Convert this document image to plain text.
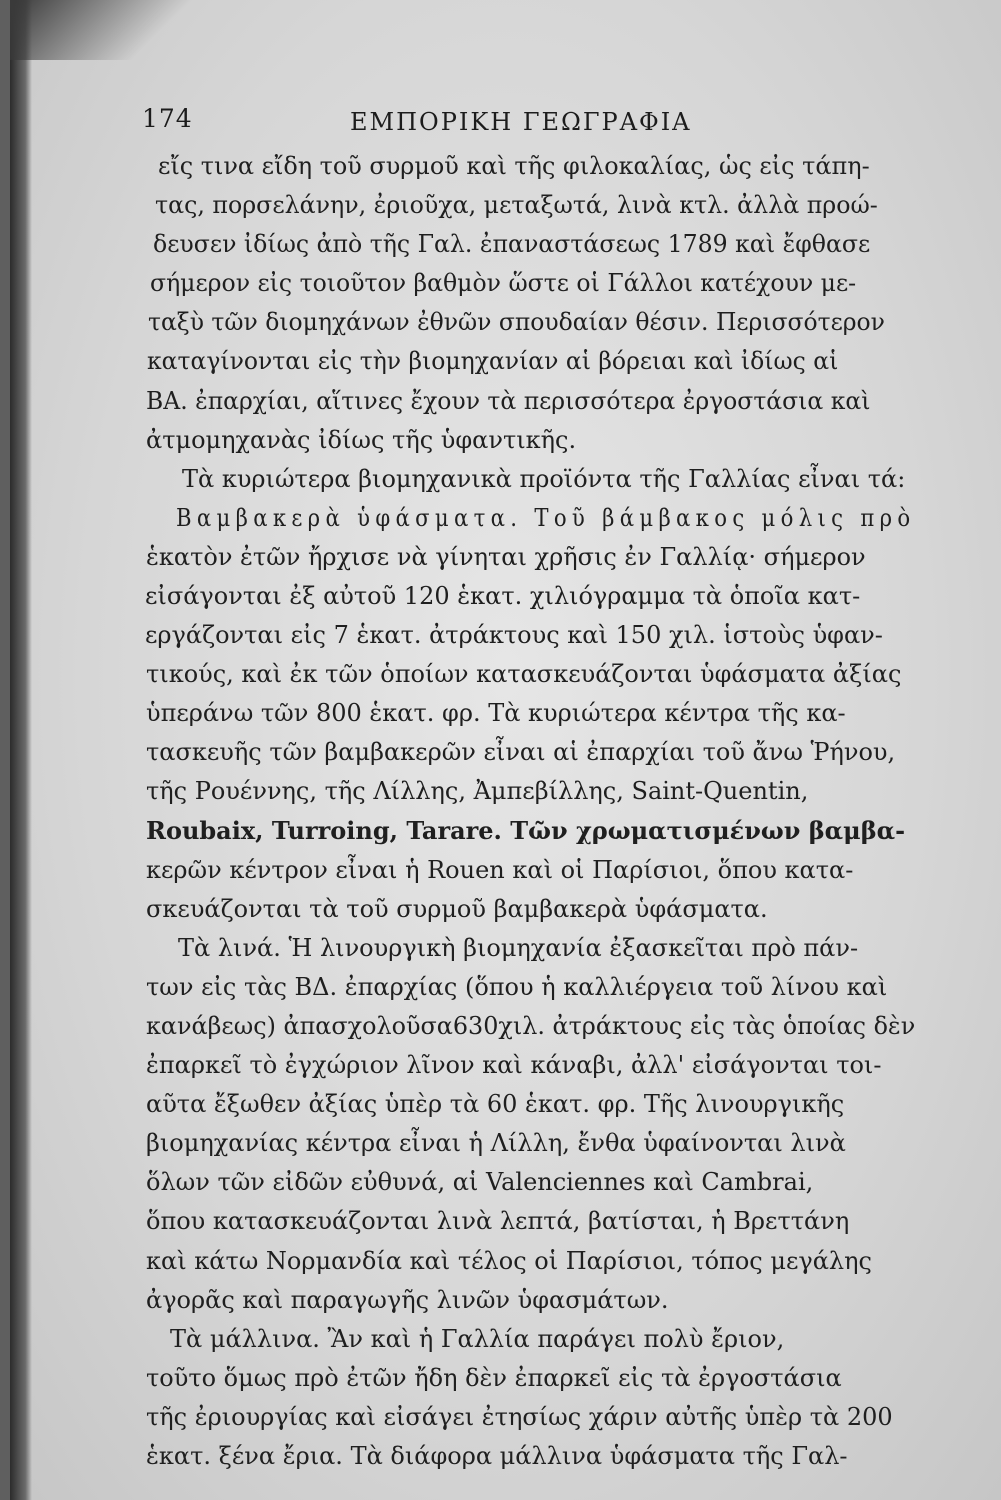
174	ΕΜΠΟΡΙΚΗ ΓΕΩΓΡΑΦΙΑ
εἴς τινα εἴδη τοῦ συρμοῦ καὶ τῆς φιλοκαλίας, ὡς εἰς τάπη-
τας, πορσελάνην, ἐριοῦχα, μεταξωτά, λινὰ κτλ. ἀλλὰ προώ-
δευσεν ἰδίως ἀπὸ τῆς Γαλ. ἐπαναστάσεως 1789 καὶ ἔφθασε
σήμερον εἰς τοιοῦτον βαθμὸν ὥστε οἱ Γάλλοι κατέχουν με-
ταξὺ τῶν διομηχάνων ἐθνῶν σπουδαίαν θέσιν. Περισσότερον
καταγίνονται εἰς τὴν βιομηχανίαν αἱ βόρειαι καὶ ἰδίως αἱ
ΒΑ. ἐπαρχίαι, αἵτινες ἔχουν τὰ περισσότερα ἐργοστάσια καὶ
ἀτμομηχανὰς ἰδίως τῆς ὑφαντικῆς.
Τὰ κυριώτερα βιομηχανικὰ προϊόντα τῆς Γαλλίας εἶναι τά:
Βαμβακερὰ ὑφάσματα. Τοῦ βάμβακος μόλις πρὸ
ἑκατὸν ἐτῶν ἤρχισε νὰ γίνηται χρῆσις ἐν Γαλλίᾳ· σήμερον
εἰσάγονται ἐξ αὐτοῦ 120 ἑκατ. χιλιόγραμμα τὰ ὁποῖα κατ-
εργάζονται εἰς 7 ἑκατ. ἀτράκτους καὶ 150 χιλ. ἱστοὺς ὑφαν-
τικούς, καὶ ἐκ τῶν ὁποίων κατασκευάζονται ὑφάσματα ἀξίας
ὑπεράνω τῶν 800 ἑκατ. φρ. Τὰ κυριώτερα κέντρα τῆς κα-
τασκευῆς τῶν βαμβακερῶν εἶναι αἱ ἐπαρχίαι τοῦ ἄνω Ῥήνου,
τῆς Ρουέννης, τῆς Λίλλης, Ἀμπεβίλλης, Saint-Quentin,
Roubaix, Turroing, Tarare. Τῶν χρωματισμένων βαμβα-
κερῶν κέντρον εἶναι ἡ Rouen καὶ οἱ Παρίσιοι, ὅπου κατα-
σκευάζονται τὰ τοῦ συρμοῦ βαμβακερὰ ὑφάσματα.
Τὰ λινά. Ἡ λινουργικὴ βιομηχανία ἐξασκεῖται πρὸ πάν-
των εἰς τὰς ΒΔ. ἐπαρχίας (ὅπου ἡ καλλιέργεια τοῦ λίνου καὶ
κανάβεως) ἀπασχολοῦσα630χιλ. ἀτράκτους εἰς τὰς ὁποίας δὲν
ἐπαρκεῖ τὸ ἐγχώριον λῖνον καὶ κάναβι, ἀλλ' εἰσάγονται τοι-
αῦτα ἔξωθεν ἀξίας ὑπὲρ τὰ 60 ἑκατ. φρ. Τῆς λινουργικῆς
βιομηχανίας κέντρα εἶναι ἡ Λίλλη, ἔνθα ὑφαίνονται λινὰ
ὅλων τῶν εἰδῶν εὐθυνά, αἱ Valenciennes καὶ Cambrai,
ὅπου κατασκευάζονται λινὰ λεπτά, βατίσται, ἡ Βρεττάνη
καὶ κάτω Νορμανδία καὶ τέλος οἱ Παρίσιοι, τόπος μεγάλης
ἀγορᾶς καὶ παραγωγῆς λινῶν ὑφασμάτων.
Τὰ μάλλινα. Ἂν καὶ ἡ Γαλλία παράγει πολὺ ἔριον,
τοῦτο ὅμως πρὸ ἐτῶν ἤδη δὲν ἐπαρκεῖ εἰς τὰ ἐργοστάσια
τῆς ἐριουργίας καὶ εἰσάγει ἐτησίως χάριν αὐτῆς ὑπὲρ τὰ 200
ἑκατ. ξένα ἔρια. Τὰ διάφορα μάλλινα ὑφάσματα τῆς Γαλ-
